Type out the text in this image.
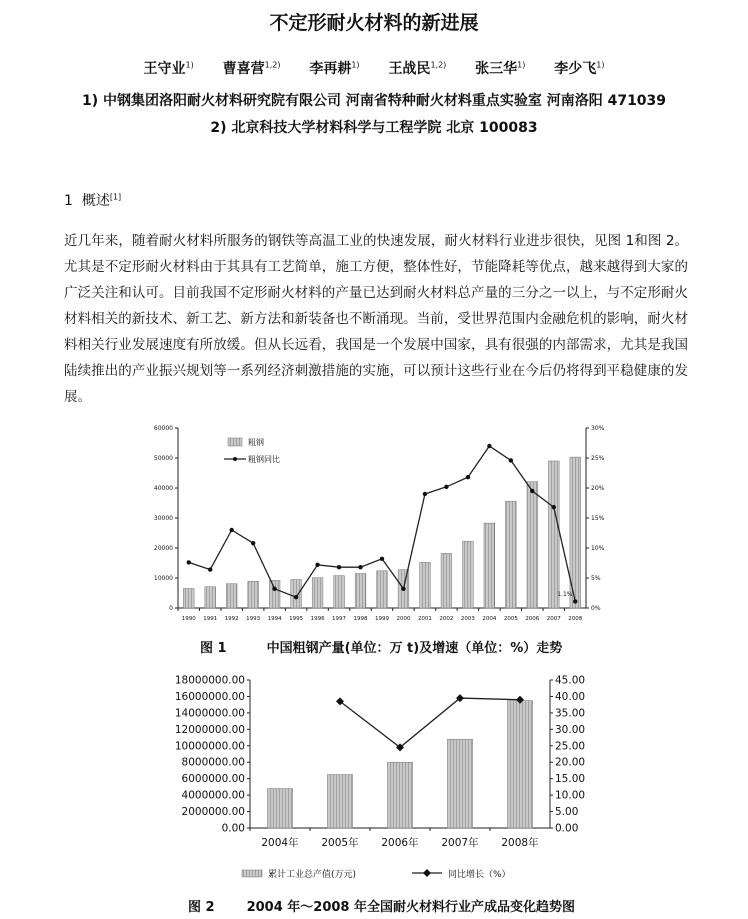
不定形耐火材料的新进展
王守业$^{1)}$ 曹喜营$^{1,2)}$ 李再耕$^{1)}$ 王战民$^{1,2)}$ 张三华$^{1)}$ 李少飞$^{1)}$
1) 中钢集团洛阳耐火材料研究院有限公司 河南省特种耐火材料重点实验室 河南洛阳 471039
2) 北京科技大学材料科学与工程学院 北京 100083
1 概述[1]

近几年来，随着耐火材料所服务的钢铁等高温工业的快速发展，耐火材料行业进步很快，见图 1和图 2。尤其是不定形耐火材料由于其具有工艺简单，施工方便，整体性好，节能降耗等优点，越来越得到大家的广泛关注和认可。目前我国不定形耐火材料的产量已达到耐火材料总产量的三分之一以上，与不定形耐火材料相关的新技术、新工艺、新方法和新装备也不断涌现。当前，受世界范围内金融危机的影响，耐火材料相关行业发展速度有所放缓。但从长远看，我国是一个发展中国家，具有很强的内部需求，尤其是我国陆续推出的产业振兴规划等一系列经济刺激措施的实施，可以预计这些行业在今后仍将得到平稳健康的发展。

0
10000
20000
30000
40000
50000
60000
0%
5%
10%
15%
20%
25%
30%
1990 1991 1992 1993 1994 1995 1996 1997 1998 1999 2000 2001 2002 2003 2004 2005 2006 2007 2008
粗钢
粗钢同比
1.1%
图 1	中国粗钢产量(单位：万 t)及增速（单位：%）走势
0.00
2000000.00
4000000.00
6000000.00
8000000.00
10000000.00
12000000.00
14000000.00
16000000.00
18000000.00
0.00
5.00
10.00
15.00
20.00
25.00
30.00
35.00
40.00
45.00
2004年 2005年 2006年 2007年 2008年
累计工业总产值(万元)	同比增长（%）
图 2 2004 年～2008 年全国耐火材料行业产成品变化趋势图
